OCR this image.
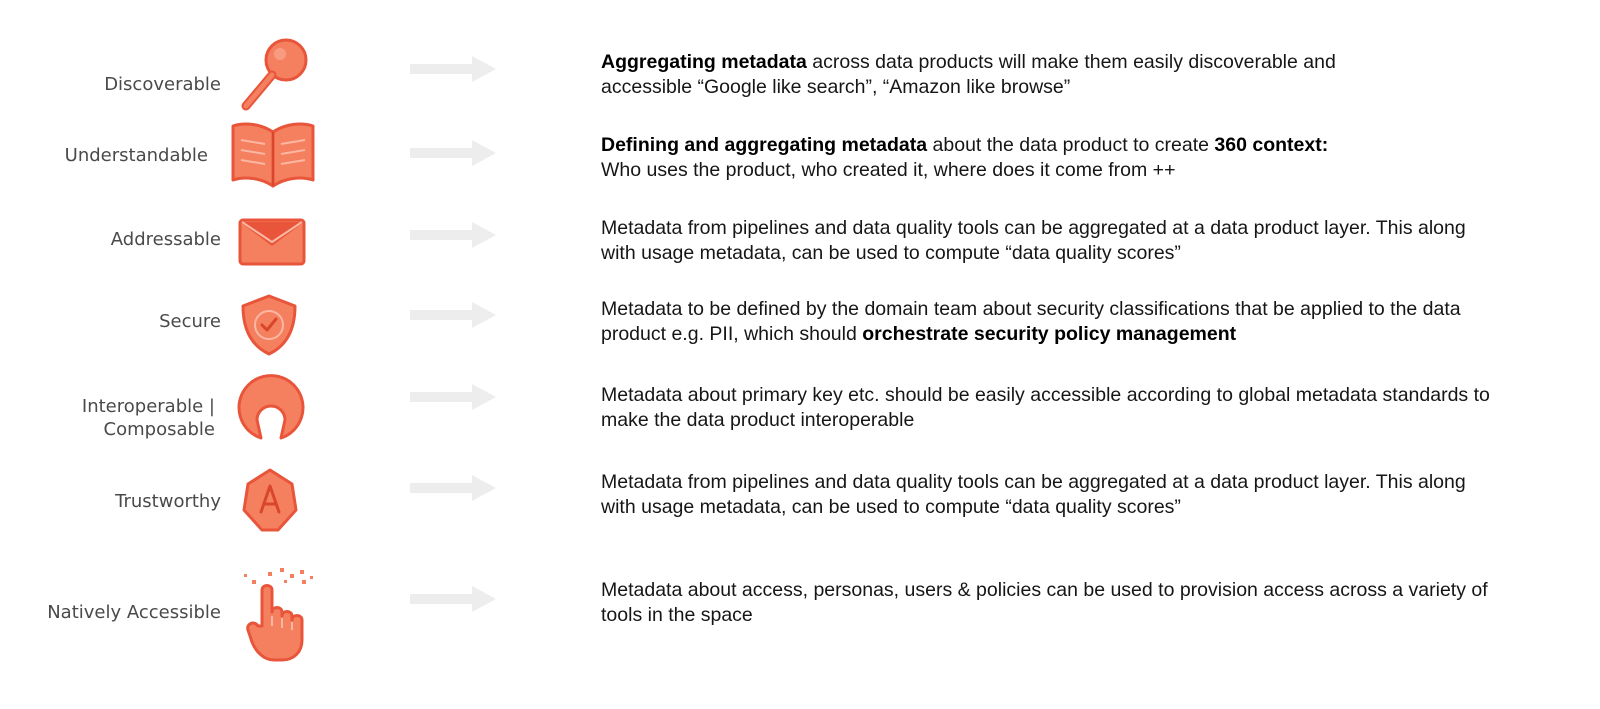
Discoverable
Aggregating metadata across data products will make them easily discoverable and
accessible “Google like search”, “Amazon like browse”
Understandable	Defining and aggregating metadata about the data product to create 360 context:
Who uses the product, who created it, where does it come from ++
Addressable
Metadata from pipelines and data quality tools can be aggregated at a data product layer. This along
with usage metadata, can be used to compute “data quality scores”
Secure
Metadata to be defined by the domain team about security classifications that be applied to the data
product e.g. PII, which should orchestrate security policy management
Interoperable |
Composable
Metadata about primary key etc. should be easily accessible according to global metadata standards to
make the data product interoperable
Trustworthy
Metadata from pipelines and data quality tools can be aggregated at a data product layer. This along
with usage metadata, can be used to compute “data quality scores”
Natively Accessible
Metadata about access, personas, users & policies can be used to provision access across a variety of
tools in the space
